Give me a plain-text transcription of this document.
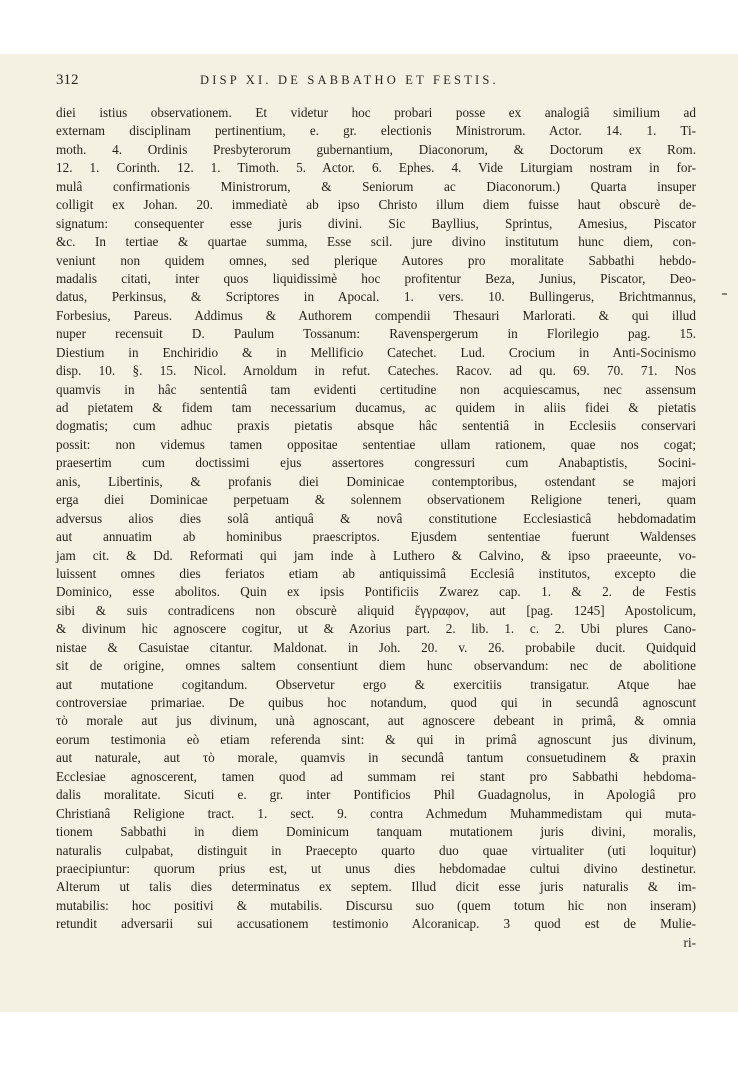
312	DISP XI. DE SABBATHO ET FESTIS.
diei istius observationem. Et videtur hoc probari posse ex analogiâ similium ad
externam disciplinam pertinentium, e. gr. electionis Ministrorum. Actor. 14. 1. Ti-
moth. 4. Ordinis Presbyterorum gubernantium, Diaconorum, & Doctorum ex Rom.
12. 1. Corinth. 12. 1. Timoth. 5. Actor. 6. Ephes. 4. Vide Liturgiam nostram in for-
mulâ confirmationis Ministrorum, & Seniorum ac Diaconorum.) Quarta insuper
colligit ex Johan. 20. immediatè ab ipso Christo illum diem fuisse haut obscurè de-
signatum: consequenter esse juris divini. Sic Bayllius, Sprintus, Amesius, Piscator
&c. In tertiae & quartae summa, Esse scil. jure divino institutum hunc diem, con-
veniunt non quidem omnes, sed plerique Autores pro moralitate Sabbathi hebdo-
madalis citati, inter quos liquidissimè hoc profitentur Beza, Junius, Piscator, Deo-
datus, Perkinsus, & Scriptores in Apocal. 1. vers. 10. Bullingerus, Brichtmannus,
Forbesius, Pareus. Addimus & Authorem compendii Thesauri Marlorati. & qui illud
nuper recensuit D. Paulum Tossanum: Ravenspergerum in Florilegio pag. 15.
Diestium in Enchiridio & in Mellificio Catechet. Lud. Crocium in Anti-Socinismo
disp. 10. §. 15. Nicol. Arnoldum in refut. Cateches. Racov. ad qu. 69. 70. 71. Nos
quamvis in hâc sententiâ tam evidenti certitudine non acquiescamus, nec assensum
ad pietatem & fidem tam necessarium ducamus, ac quidem in aliis fidei & pietatis
dogmatis; cum adhuc praxis pietatis absque hâc sententiâ in Ecclesiis conservari
possit: non videmus tamen oppositae sententiae ullam rationem, quae nos cogat;
praesertim cum doctissimi ejus assertores congressuri cum Anabaptistis, Socini-
anis, Libertinis, & profanis diei Dominicae contemptoribus, ostendant se majori
erga diei Dominicae perpetuam & solennem observationem Religione teneri, quam
adversus alios dies solâ antiquâ & novâ constitutione Ecclesiasticâ hebdomadatim
aut annuatim ab hominibus praescriptos. Ejusdem sententiae fuerunt Waldenses
jam cit. & Dd. Reformati qui jam inde à Luthero & Calvino, & ipso praeeunte, vo-
luissent omnes dies feriatos etiam ab antiquissimâ Ecclesiâ institutos, excepto die
Dominico, esse abolitos. Quin ex ipsis Pontificiis Zwarez cap. 1. & 2. de Festis
sibi & suis contradicens non obscurè aliquid ἔγγραφον, aut [pag. 1245] Apostolicum,
& divinum hic agnoscere cogitur, ut & Azorius part. 2. lib. 1. c. 2. Ubi plures Cano-
nistae & Casuistae citantur. Maldonat. in Joh. 20. v. 26. probabile ducit. Quidquid
sit de origine, omnes saltem consentiunt diem hunc observandum: nec de abolitione
aut mutatione cogitandum. Observetur ergo & exercitiis transigatur. Atque hae
controversiae primariae. De quibus hoc notandum, quod qui in secundâ agnoscunt
τὸ morale aut jus divinum, unà agnoscant, aut agnoscere debeant in primâ, & omnia
eorum testimonia eò etiam referenda sint: & qui in primâ agnoscunt jus divinum,
aut naturale, aut τὸ morale, quamvis in secundâ tantum consuetudinem & praxin
Ecclesiae agnoscerent, tamen quod ad summam rei stant pro Sabbathi hebdoma-
dalis moralitate. Sicuti e. gr. inter Pontificios Phil Guadagnolus, in Apologiâ pro
Christianâ Religione tract. 1. sect. 9. contra Achmedum Muhammedistam qui muta-
tionem Sabbathi in diem Dominicum tanquam mutationem juris divini, moralis,
naturalis culpabat, distinguit in Praecepto quarto duo quae virtualiter (uti loquitur)
praecipiuntur: quorum prius est, ut unus dies hebdomadae cultui divino destinetur.
Alterum ut talis dies determinatus ex septem. Illud dicit esse juris naturalis & im-
mutabilis: hoc positivi & mutabilis. Discursu suo (quem totum hic non inseram)
retundit adversarii sui accusationem testimonio Alcoranicap. 3 quod est de Mulie-
ri-
